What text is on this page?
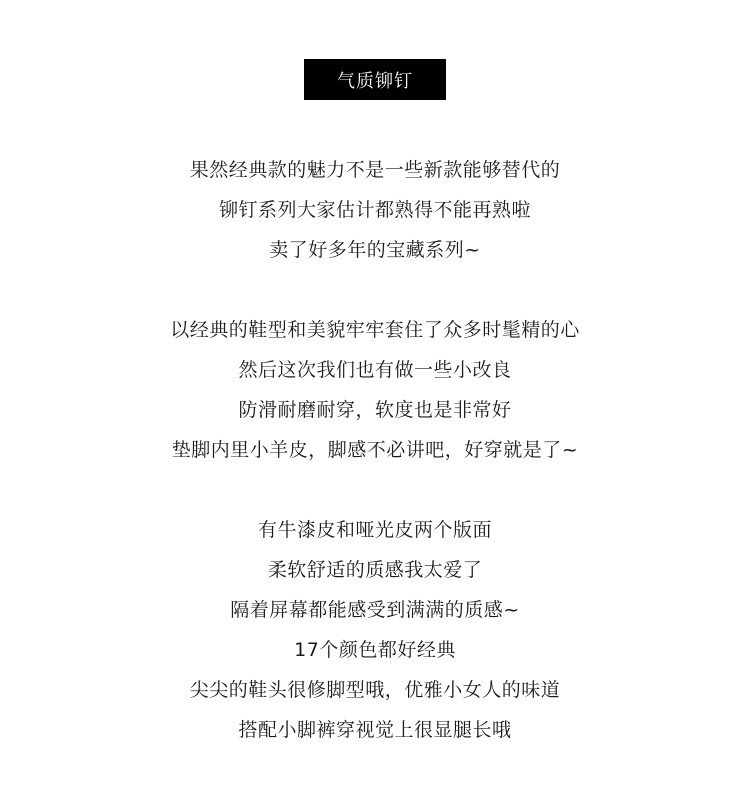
气质铆钉
果然经典款的魅力不是一些新款能够替代的
铆钉系列大家估计都熟得不能再熟啦
卖了好多年的宝藏系列~
以经典的鞋型和美貌牢牢套住了众多时髦精的心
然后这次我们也有做一些小改良
防滑耐磨耐穿，软度也是非常好
垫脚内里小羊皮，脚感不必讲吧，好穿就是了~
有牛漆皮和哑光皮两个版面
柔软舒适的质感我太爱了
隔着屏幕都能感受到满满的质感~
17个颜色都好经典
尖尖的鞋头很修脚型哦，优雅小女人的味道
搭配小脚裤穿视觉上很显腿长哦
